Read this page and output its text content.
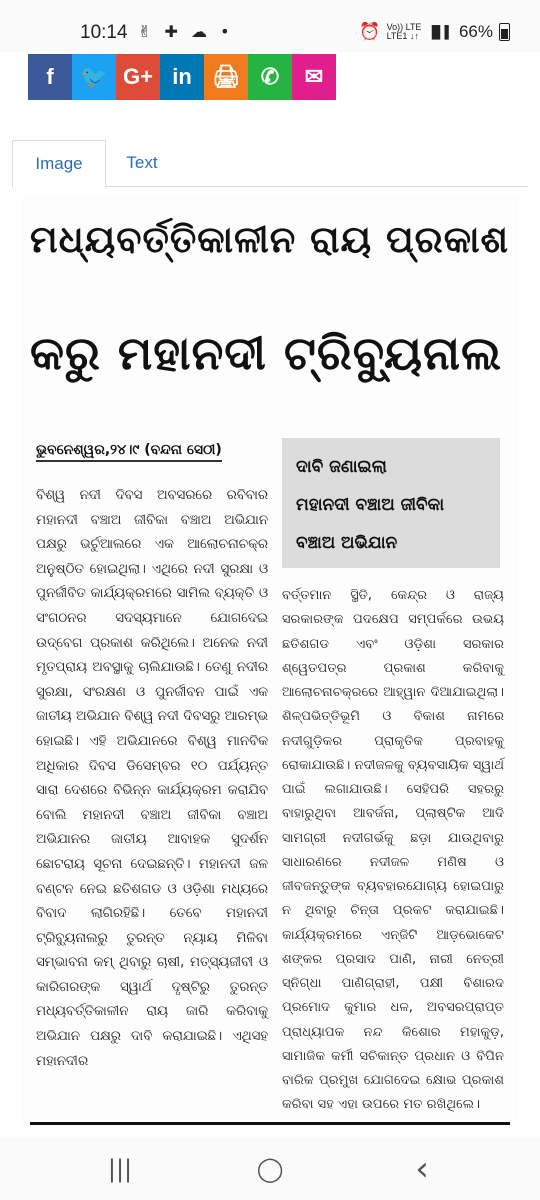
10:14 ✌ ✚ ☁ •	⏰ Vo)) LTE
LTE1 ↓↑ ▐▌▌ 66%
f	🐦 G+ in 🖨 ✆	✉
Image	Text
ମଧ୍ୟବର୍ତ୍ତିକାଳୀନ ରାୟ ପ୍ରକାଶ
କରୁ ମହାନଦୀ ଟ୍ରିବ୍ୟୁନାଲ
ଭୁବନେଶ୍ୱର,୨୪।୯ (ବନ୍ଦନା ସେଠୀ)
ଦାବି ଜଣାଇଲା
ମହାନଦୀ ବଞ୍ଚାଅ ଜୀବିକା
ବଞ୍ଚାଅ ଅଭିଯାନ
ବିଶ୍ୱ ନଦୀ ଦିବସ ଅବସରରେ ରବିବାର ମହାନଦୀ ବଞ୍ଚାଅ ଜୀବିକା ବଞ୍ଚାଅ ଅଭିଯାନ ପକ୍ଷରୁ ଭର୍ଚୁଆଲରେ ଏକ ଆଲୋଚନାଚକ୍ର ଅନୁଷ୍ଠିତ ହୋଇଥିଲା। ଏଥିରେ ନଦୀ ସୁରକ୍ଷା ଓ ପୁନର୍ଜୀବିତ କାର୍ଯ୍ୟକ୍ରମରେ ସାମିଲ ବ୍ୟକ୍ତି ଓ ସଂଗଠନର ସଦସ୍ୟମାନେ ଯୋଗଦେଇ ଉଦ୍‌ବେଗ ପ୍ରକାଶ କରିଥିଲେ। ଅନେକ ନଦୀ ମୃତପ୍ରାୟ ଅବସ୍ଥାକୁ ଚାଲିଯାଉଛି। ତେଣୁ ନଦୀର ସୁରକ୍ଷା, ସଂରକ୍ଷଣ ଓ ପୁନର୍ଜୀବନ ପାଇଁ ଏକ ଜାତୀୟ ଅଭିଯାନ ବିଶ୍ୱ ନଦୀ ଦିବସରୁ ଆରମ୍ଭ ହୋଇଛି। ଏହି ଅଭିଯାନରେ ବିଶ୍ୱ ମାନବିକ ଅଧିକାର ଦିବସ ଡିସେମ୍ବର ୧୦ ପର୍ଯ୍ୟନ୍ତ ସାରା ଦେଶରେ ବିଭିନ୍ନ କାର୍ଯ୍ୟକ୍ରମ କରାଯିବ ବୋଲି ମହାନଦୀ ବଞ୍ଚାଅ ଜୀବିକା ବଞ୍ଚାଅ ଅଭିଯାନର ଜାତୀୟ ଆବାହକ ସୁଦର୍ଶନ ଛୋଟରାୟ ସୂଚନା ଦେଇଛନ୍ତି। ମହାନଦୀ ଜଳ ବଣ୍ଟନ ନେଇ ଛତିଶଗଡ ଓ ଓଡ଼ିଶା ମଧ୍ୟରେ ବିବାଦ ଲାଗିରହିଛି। ତେବେ ମହାନଦୀ ଟ୍ରିବ୍ୟୁନାଲରୁ ତୁରନ୍ତ ନ୍ୟାୟ ମିଳିବା ସମ୍ଭାବନା କମ୍ ଥିବାରୁ ଚାଷୀ, ମତ୍ସ୍ୟଜୀବୀ ଓ କାରିଗରଙ୍କ ସ୍ୱାର୍ଥ ଦୃଷ୍ଟିରୁ ତୁରନ୍ତ ମଧ୍ୟବର୍ତ୍ତିକାଳୀନ ରାୟ ଜାରି କରିବାକୁ ଅଭିଯାନ ପକ୍ଷରୁ ଦାବି କରାଯାଇଛି। ଏଥିସହ ମହାନଦୀର
ବର୍ତ୍ତମାନ ସ୍ଥିତି, କେନ୍ଦ୍ର ଓ ରାଜ୍ୟ ସରକାରଙ୍କ ପଦକ୍ଷେପ ସମ୍ପର୍କରେ ଉଭୟ ଛତିଶଗଡ ଏବଂ ଓଡ଼ିଶା ସରକାର ଶ୍ୱେତପତ୍ର ପ୍ରକାଶ କରିବାକୁ ଆଲୋଚନାଚକ୍ରରେ ଆହ୍ୱାନ ଦିଆଯାଇଥିଲା। ଶିଳ୍ପଭିତ୍ତିଭୂମି ଓ ବିକାଶ ନାମରେ ନଦୀଗୁଡ଼ିକର ପ୍ରାକୃତିକ ପ୍ରବାହକୁ ରୋକାଯାଉଛି। ନଦୀଜଳକୁ ବ୍ୟବସାୟିକ ସ୍ୱାର୍ଥ ପାଇଁ ଲଗାଯାଉଛି। ସେହିପରି ସହରରୁ ବାହାରୁଥିବା ଆବର୍ଜନା, ପ୍ଲାଷ୍ଟିକ ଆଦି ସାମଗ୍ରୀ ନଦୀଗର୍ଭକୁ ଛଡ଼ା ଯାଉଥିବାରୁ ସାଧାରଣରେ ନଦୀଜଳ ମଣିଷ ଓ ଜୀବଜନ୍ତୁଙ୍କ ବ୍ୟବହାରଯୋଗ୍ୟ ହୋଇପାରୁ ନ ଥିବାରୁ ଚିନ୍ତା ପ୍ରକଟ କରାଯାଇଛି। କାର୍ଯ୍ୟକ୍ରମରେ ଏନ୍‌ଜିଟି ଆଡ଼ଭୋକେଟ ଶଙ୍କର ପ୍ରସାଦ ପାଣି, ନାରୀ ନେତ୍ରୀ ସ୍ନିଗ୍ଧା ପାଣିଗ୍ରାହୀ, ପକ୍ଷୀ ବିଶାରଦ ପ୍ରମୋଦ କୁମାର ଧଳ, ଅବସରପ୍ରାପ୍ତ ପ୍ରାଧ୍ୟାପକ ନନ୍ଦ କିଶୋର ମହାକୁଡ଼, ସାମାଜିକ କର୍ମୀ ସଚିକାନ୍ତ ପ୍ରଧାନ ଓ ବିପିନ ବାରିକ ପ୍ରମୁଖ ଯୋଗଦେଇ କ୍ଷୋଭ ପ୍ରକାଶ କରିବା ସହ ଏହା ଉପରେ ମତ ରଖିଥିଲେ।
|||	◯	‹
